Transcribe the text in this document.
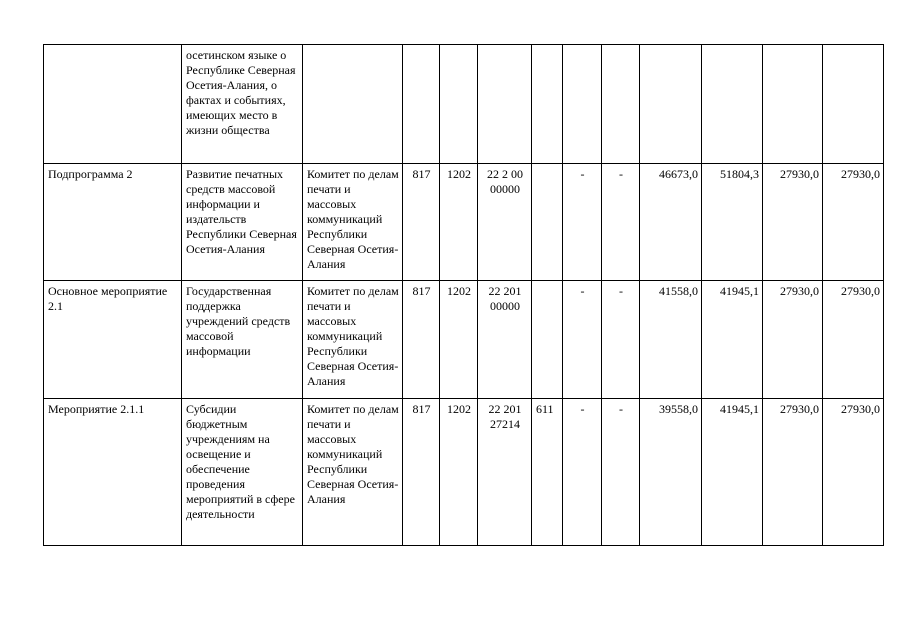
	осетинском языке о Республике Северная Осетия-Алания, о фактах и событиях, имеющих место в жизни общества											
Подпрограмма 2	Развитие печатных средств массовой информации и издательств Республики Северная Осетия-Алания	Комитет по делам печати и массовых коммуникаций Республики Северная Осетия-Алания	817	1202	22 2 00 00000		-	-	46673,0	51804,3	27930,0	27930,0
Основное мероприятие 2.1	Государственная поддержка учреждений средств массовой информации	Комитет по делам печати и массовых коммуникаций Республики Северная Осетия-Алания	817	1202	22 201 00000		-	-	41558,0	41945,1	27930,0	27930,0
Мероприятие 2.1.1	Субсидии бюджетным учреждениям на освещение и обеспечение проведения мероприятий в сфере деятельности	Комитет по делам печати и массовых коммуникаций Республики Северная Осетия-Алания	817	1202	22 201 27214	611	-	-	39558,0	41945,1	27930,0	27930,0
